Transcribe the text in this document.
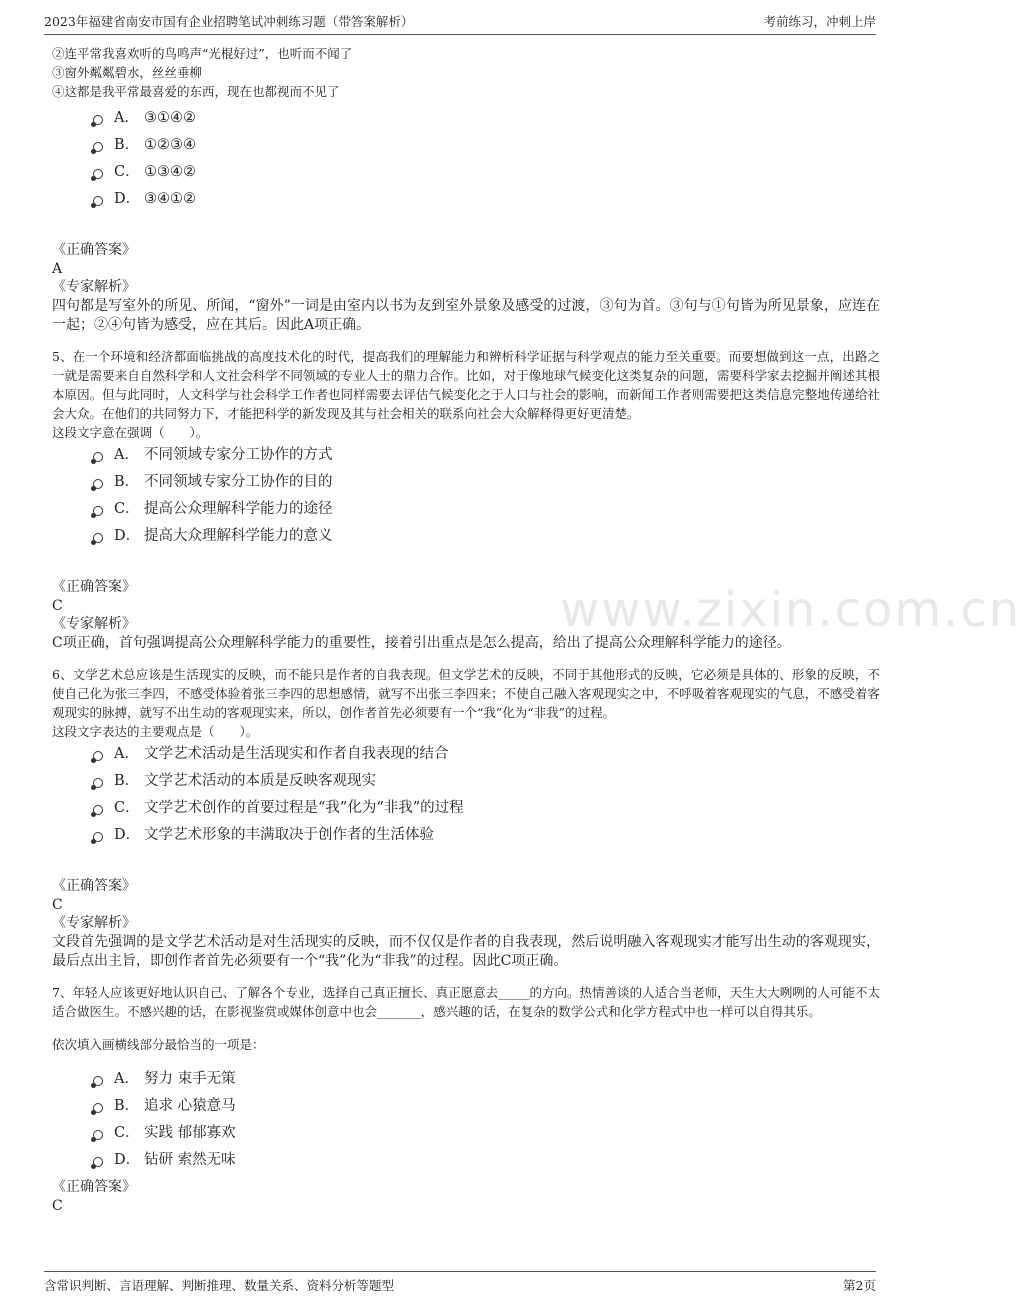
2023年福建省南安市国有企业招聘笔试冲刺练习题（带答案解析）	考前练习，冲刺上岸
www.zixin.com.cn
②连平常我喜欢听的鸟鸣声“光棍好过”，也听而不闻了
③窗外粼粼碧水，丝丝垂柳
④这都是我平常最喜爱的东西，现在也都视而不见了
A． ③①④②
B． ①②③④
C． ①③④②
D． ③④①②
《正确答案》
A
《专家解析》

四句都是写室外的所见、所闻，“窗外”一词是由室内以书为友到室外景象及感受的过渡，③句为首。③句与①句皆为所见景象，应连在一起；②④句皆为感受，应在其后。因此A项正确。

5、在一个环境和经济都面临挑战的高度技术化的时代，提高我们的理解能力和辨析科学证据与科学观点的能力至关重要。而要想做到这一点，出路之一就是需要来自自然科学和人文社会科学不同领域的专业人士的鼎力合作。比如，对于像地球气候变化这类复杂的问题，需要科学家去挖掘并阐述其根本原因。但与此同时，人文科学与社会科学工作者也同样需要去评估气候变化之于人口与社会的影响，而新闻工作者则需要把这类信息完整地传递给社会大众。在他们的共同努力下，才能把科学的新发现及其与社会相关的联系向社会大众解释得更好更清楚。

这段文字意在强调（　　）。
A． 不同领域专家分工协作的方式
B． 不同领域专家分工协作的目的
C． 提高公众理解科学能力的途径
D． 提高大众理解科学能力的意义
《正确答案》
C
《专家解析》

C项正确，首句强调提高公众理解科学能力的重要性，接着引出重点是怎么提高，给出了提高公众理解科学能力的途径。

6、文学艺术总应该是生活现实的反映，而不能只是作者的自我表现。但文学艺术的反映，不同于其他形式的反映，它必须是具体的、形象的反映，不使自己化为张三李四，不感受体验着张三李四的思想感情，就写不出张三李四来；不使自己融入客观现实之中，不呼吸着客观现实的气息，不感受着客观现实的脉搏，就写不出生动的客观现实来，所以，创作者首先必须要有一个“我”化为“非我”的过程。

这段文字表达的主要观点是（　　）。
A． 文学艺术活动是生活现实和作者自我表现的结合
B． 文学艺术活动的本质是反映客观现实
C． 文学艺术创作的首要过程是“我”化为“非我”的过程
D． 文学艺术形象的丰满取决于创作者的生活体验
《正确答案》
C
《专家解析》

文段首先强调的是文学艺术活动是对生活现实的反映，而不仅仅是作者的自我表现，然后说明融入客观现实才能写出生动的客观现实，最后点出主旨，即创作者首先必须要有一个“我”化为“非我”的过程。因此C项正确。

7、年轻人应该更好地认识自己、了解各个专业，选择自己真正擅长、真正愿意去_____的方向。热情善谈的人适合当老师，天生大大咧咧的人可能不太适合做医生。不感兴趣的话，在影视鉴赏或媒体创意中也会_______，感兴趣的话，在复杂的数学公式和化学方程式中也一样可以自得其乐。

依次填入画横线部分最恰当的一项是：
A． 努力 束手无策
B． 追求 心猿意马
C． 实践 郁郁寡欢
D． 钻研 索然无味
《正确答案》
C
含常识判断、言语理解、判断推理、数量关系、资料分析等题型	第2页
